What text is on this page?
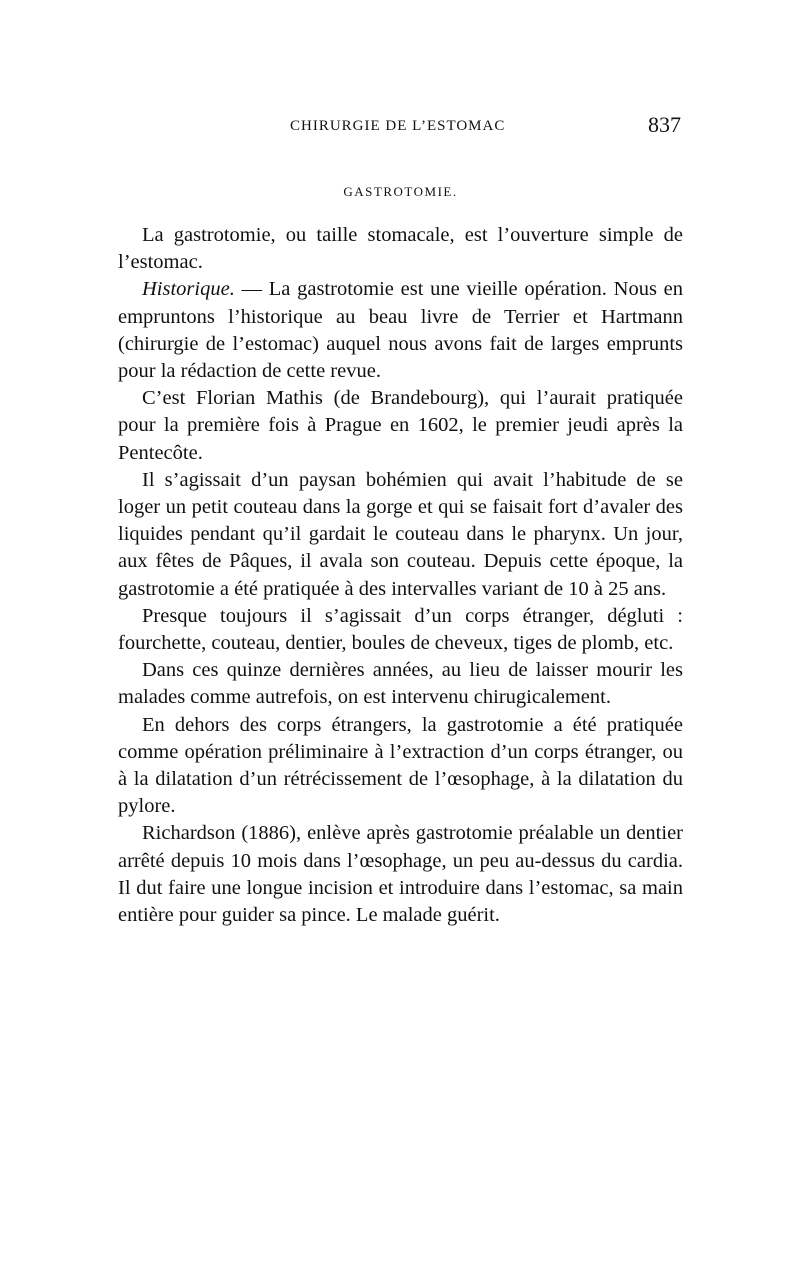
CHIRURGIE DE L’ESTOMAC	837
GASTROTOMIE.

La gastrotomie, ou taille stomacale, est l’ouverture simple de l’estomac.

Historique. — La gastrotomie est une vieille opération. Nous en empruntons l’historique au beau livre de Terrier et Hartmann (chirurgie de l’estomac) auquel nous avons fait de larges emprunts pour la rédaction de cette revue.

C’est Florian Mathis (de Brandebourg), qui l’aurait pratiquée pour la première fois à Prague en 1602, le premier jeudi après la Pentecôte.

Il s’agissait d’un paysan bohémien qui avait l’habitude de se loger un petit couteau dans la gorge et qui se faisait fort d’avaler des liquides pendant qu’il gardait le couteau dans le pharynx. Un jour, aux fêtes de Pâques, il avala son couteau. Depuis cette époque, la gastrotomie a été pratiquée à des intervalles variant de 10 à 25 ans.

Presque toujours il s’agissait d’un corps étranger, dégluti : fourchette, couteau, dentier, boules de cheveux, tiges de plomb, etc.

Dans ces quinze dernières années, au lieu de laisser mourir les malades comme autrefois, on est intervenu chirugicalement.

En dehors des corps étrangers, la gastrotomie a été pratiquée comme opération préliminaire à l’extraction d’un corps étranger, ou à la dilatation d’un rétrécissement de l’œsophage, à la dilatation du pylore.

Richardson (1886), enlève après gastrotomie préalable un dentier arrêté depuis 10 mois dans l’œsophage, un peu au-dessus du cardia. Il dut faire une longue incision et introduire dans l’estomac, sa main entière pour guider sa pince. Le malade guérit.
